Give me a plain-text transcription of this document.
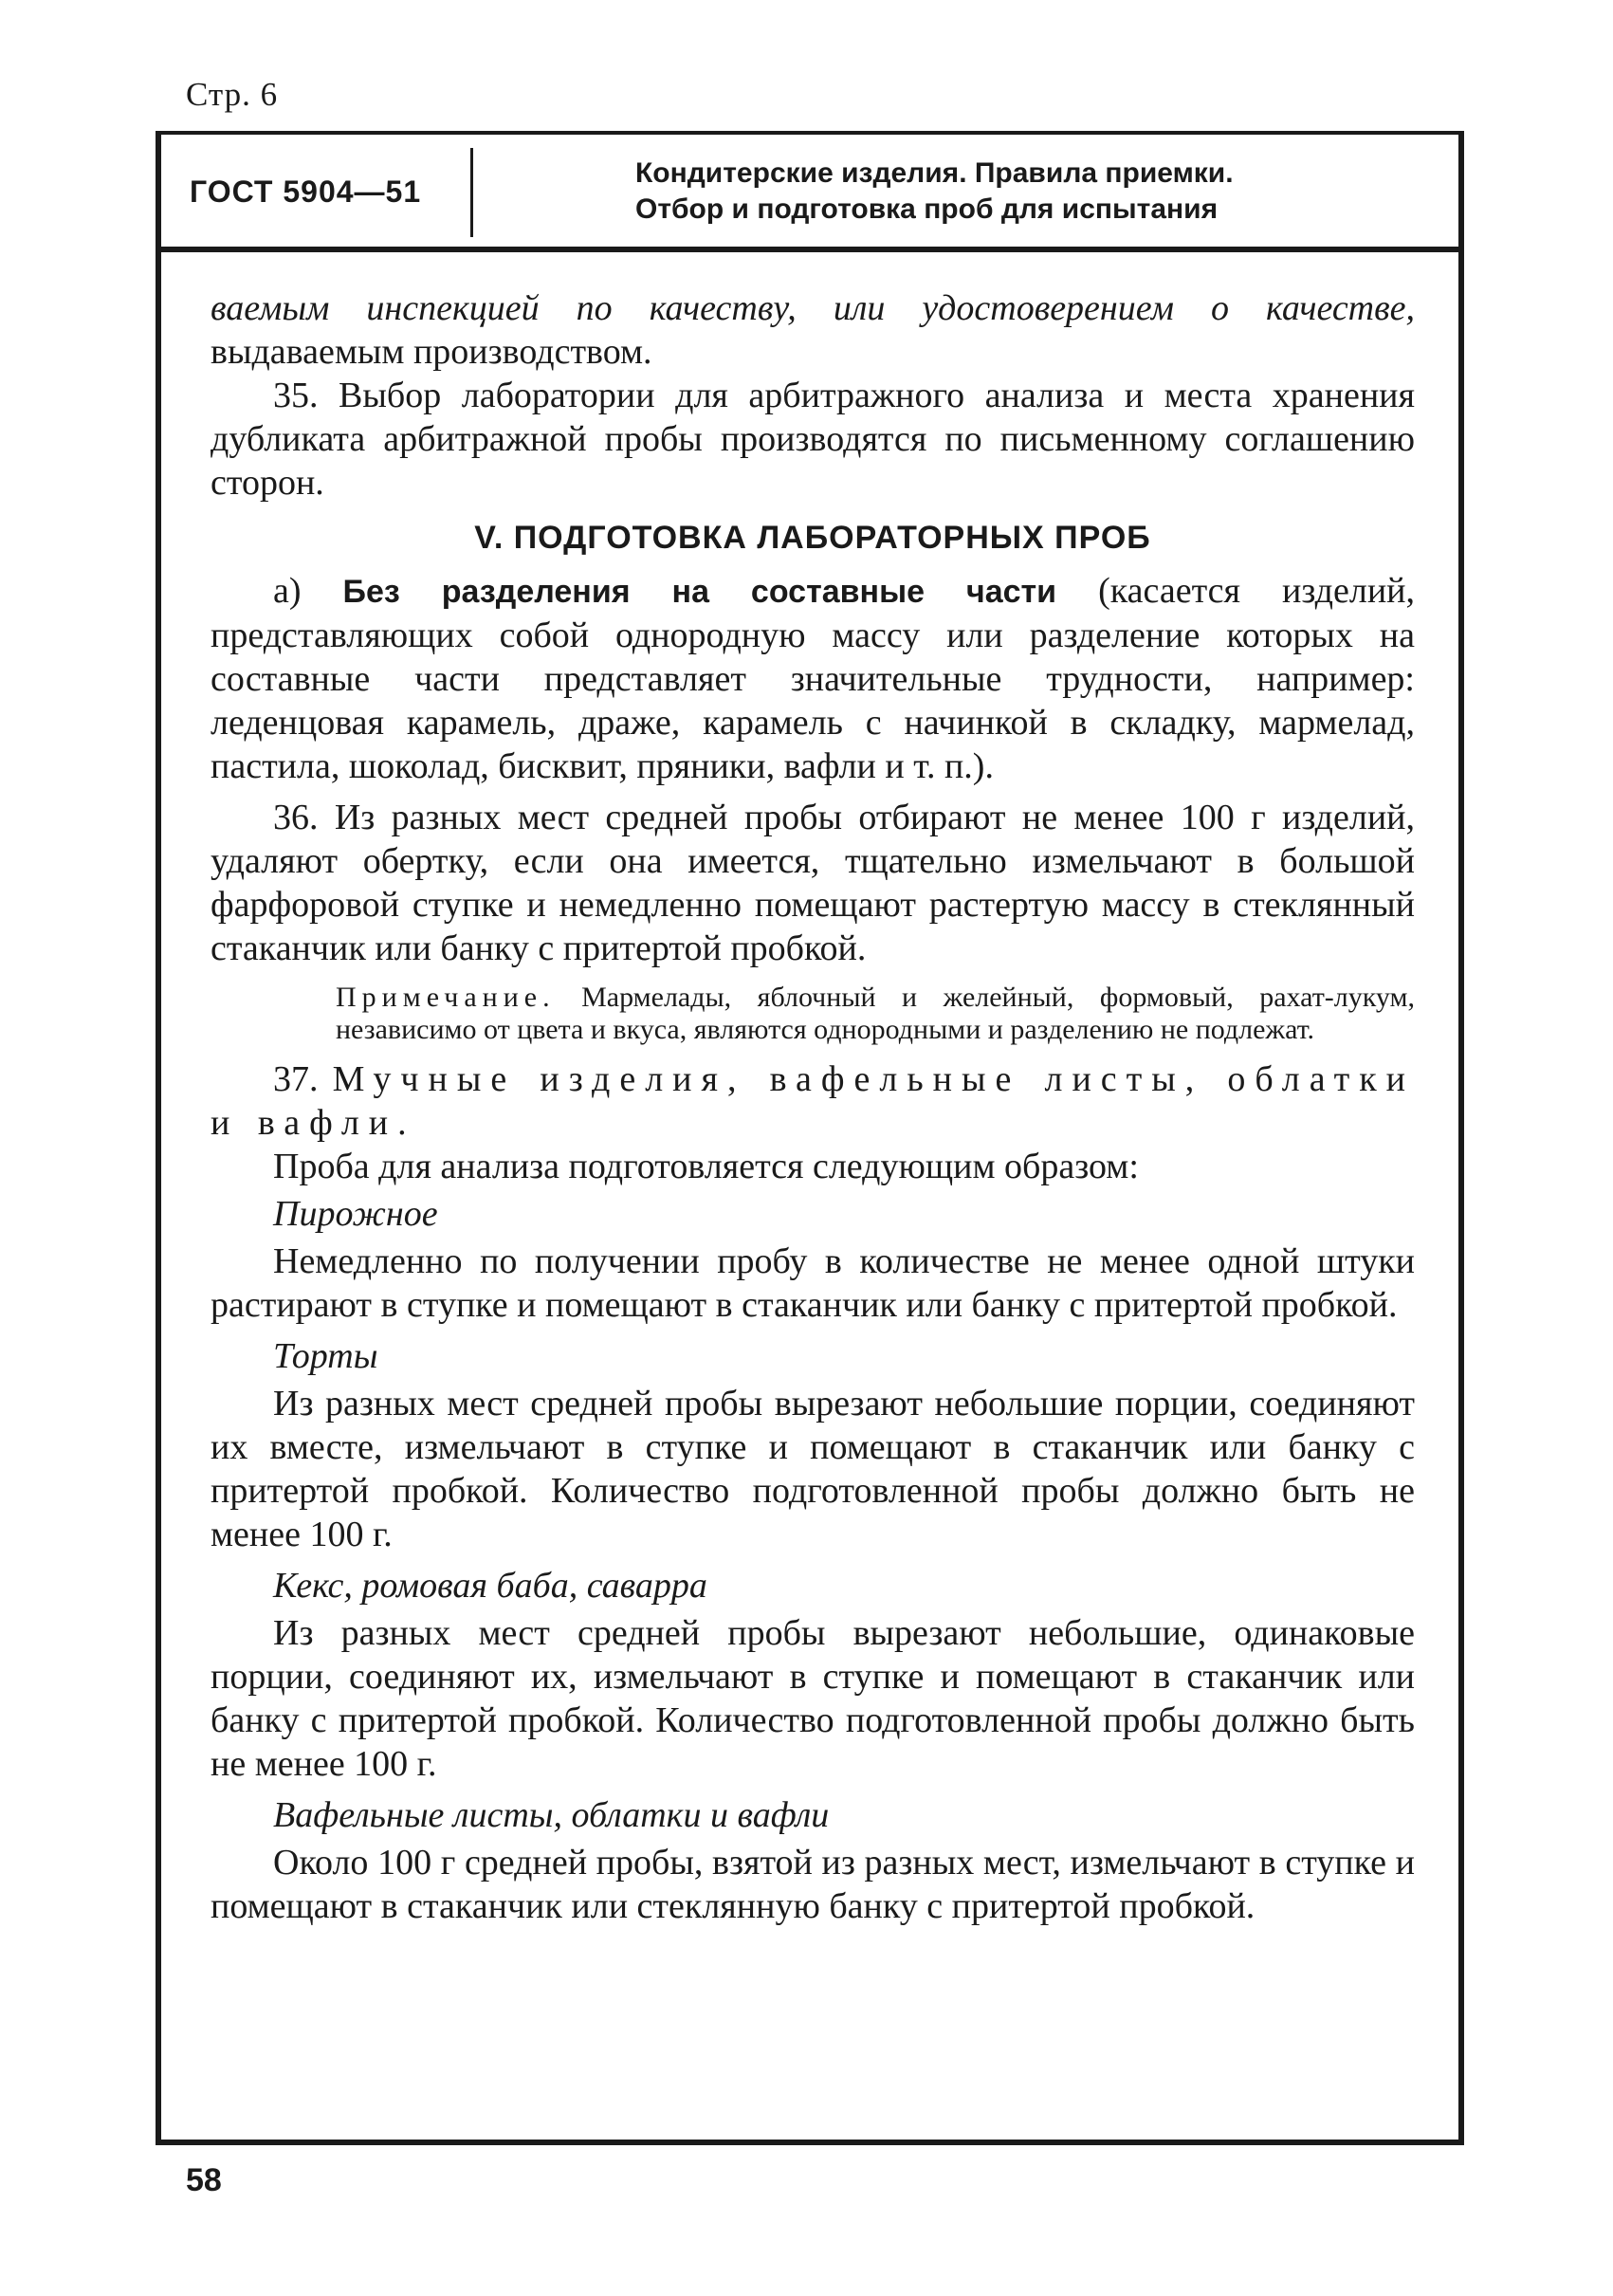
Стр. 6
ГОСТ 5904—51
Кондитерские изделия. Правила приемки.
Отбор и подготовка проб для испытания

ваемым инспекцией по качеству, или удостоверением о качестве, выдаваемым производством.

35. Выбор лаборатории для арбитражного анализа и места хранения дубликата арбитражной пробы производятся по письменному соглашению сторон.

V. ПОДГОТОВКА ЛАБОРАТОРНЫХ ПРОБ

а) Без разделения на составные части (касается изделий, представляющих собой однородную массу или разделение которых на составные части представляет значительные трудности, например: леденцовая карамель, драже, карамель с начинкой в складку, мармелад, пастила, шоколад, бисквит, пряники, вафли и т. п.).

36. Из разных мест средней пробы отбирают не менее 100 г изделий, удаляют обертку, если она имеется, тщательно измельчают в большой фарфоровой ступке и немедленно помещают растертую массу в стеклянный стаканчик или банку с притертой пробкой.

Примечание. Мармелады, яблочный и желейный, формовый, рахат-лукум, независимо от цвета и вкуса, являются однородными и разделению не подлежат.

37. Мучные изделия, вафельные листы, облатки и вафли.

Проба для анализа подготовляется следующим образом:

Пирожное

Немедленно по получении пробу в количестве не менее одной штуки растирают в ступке и помещают в стаканчик или банку с притертой пробкой.

Торты

Из разных мест средней пробы вырезают небольшие порции, соединяют их вместе, измельчают в ступке и помещают в стаканчик или банку с притертой пробкой. Количество подготовленной пробы должно быть не менее 100 г.

Кекс, ромовая баба, саварра

Из разных мест средней пробы вырезают небольшие, одинаковые порции, соединяют их, измельчают в ступке и помещают в стаканчик или банку с притертой пробкой. Количество подготовленной пробы должно быть не менее 100 г.

Вафельные листы, облатки и вафли

Около 100 г средней пробы, взятой из разных мест, измельчают в ступке и помещают в стаканчик или стеклянную банку с притертой пробкой.

58
